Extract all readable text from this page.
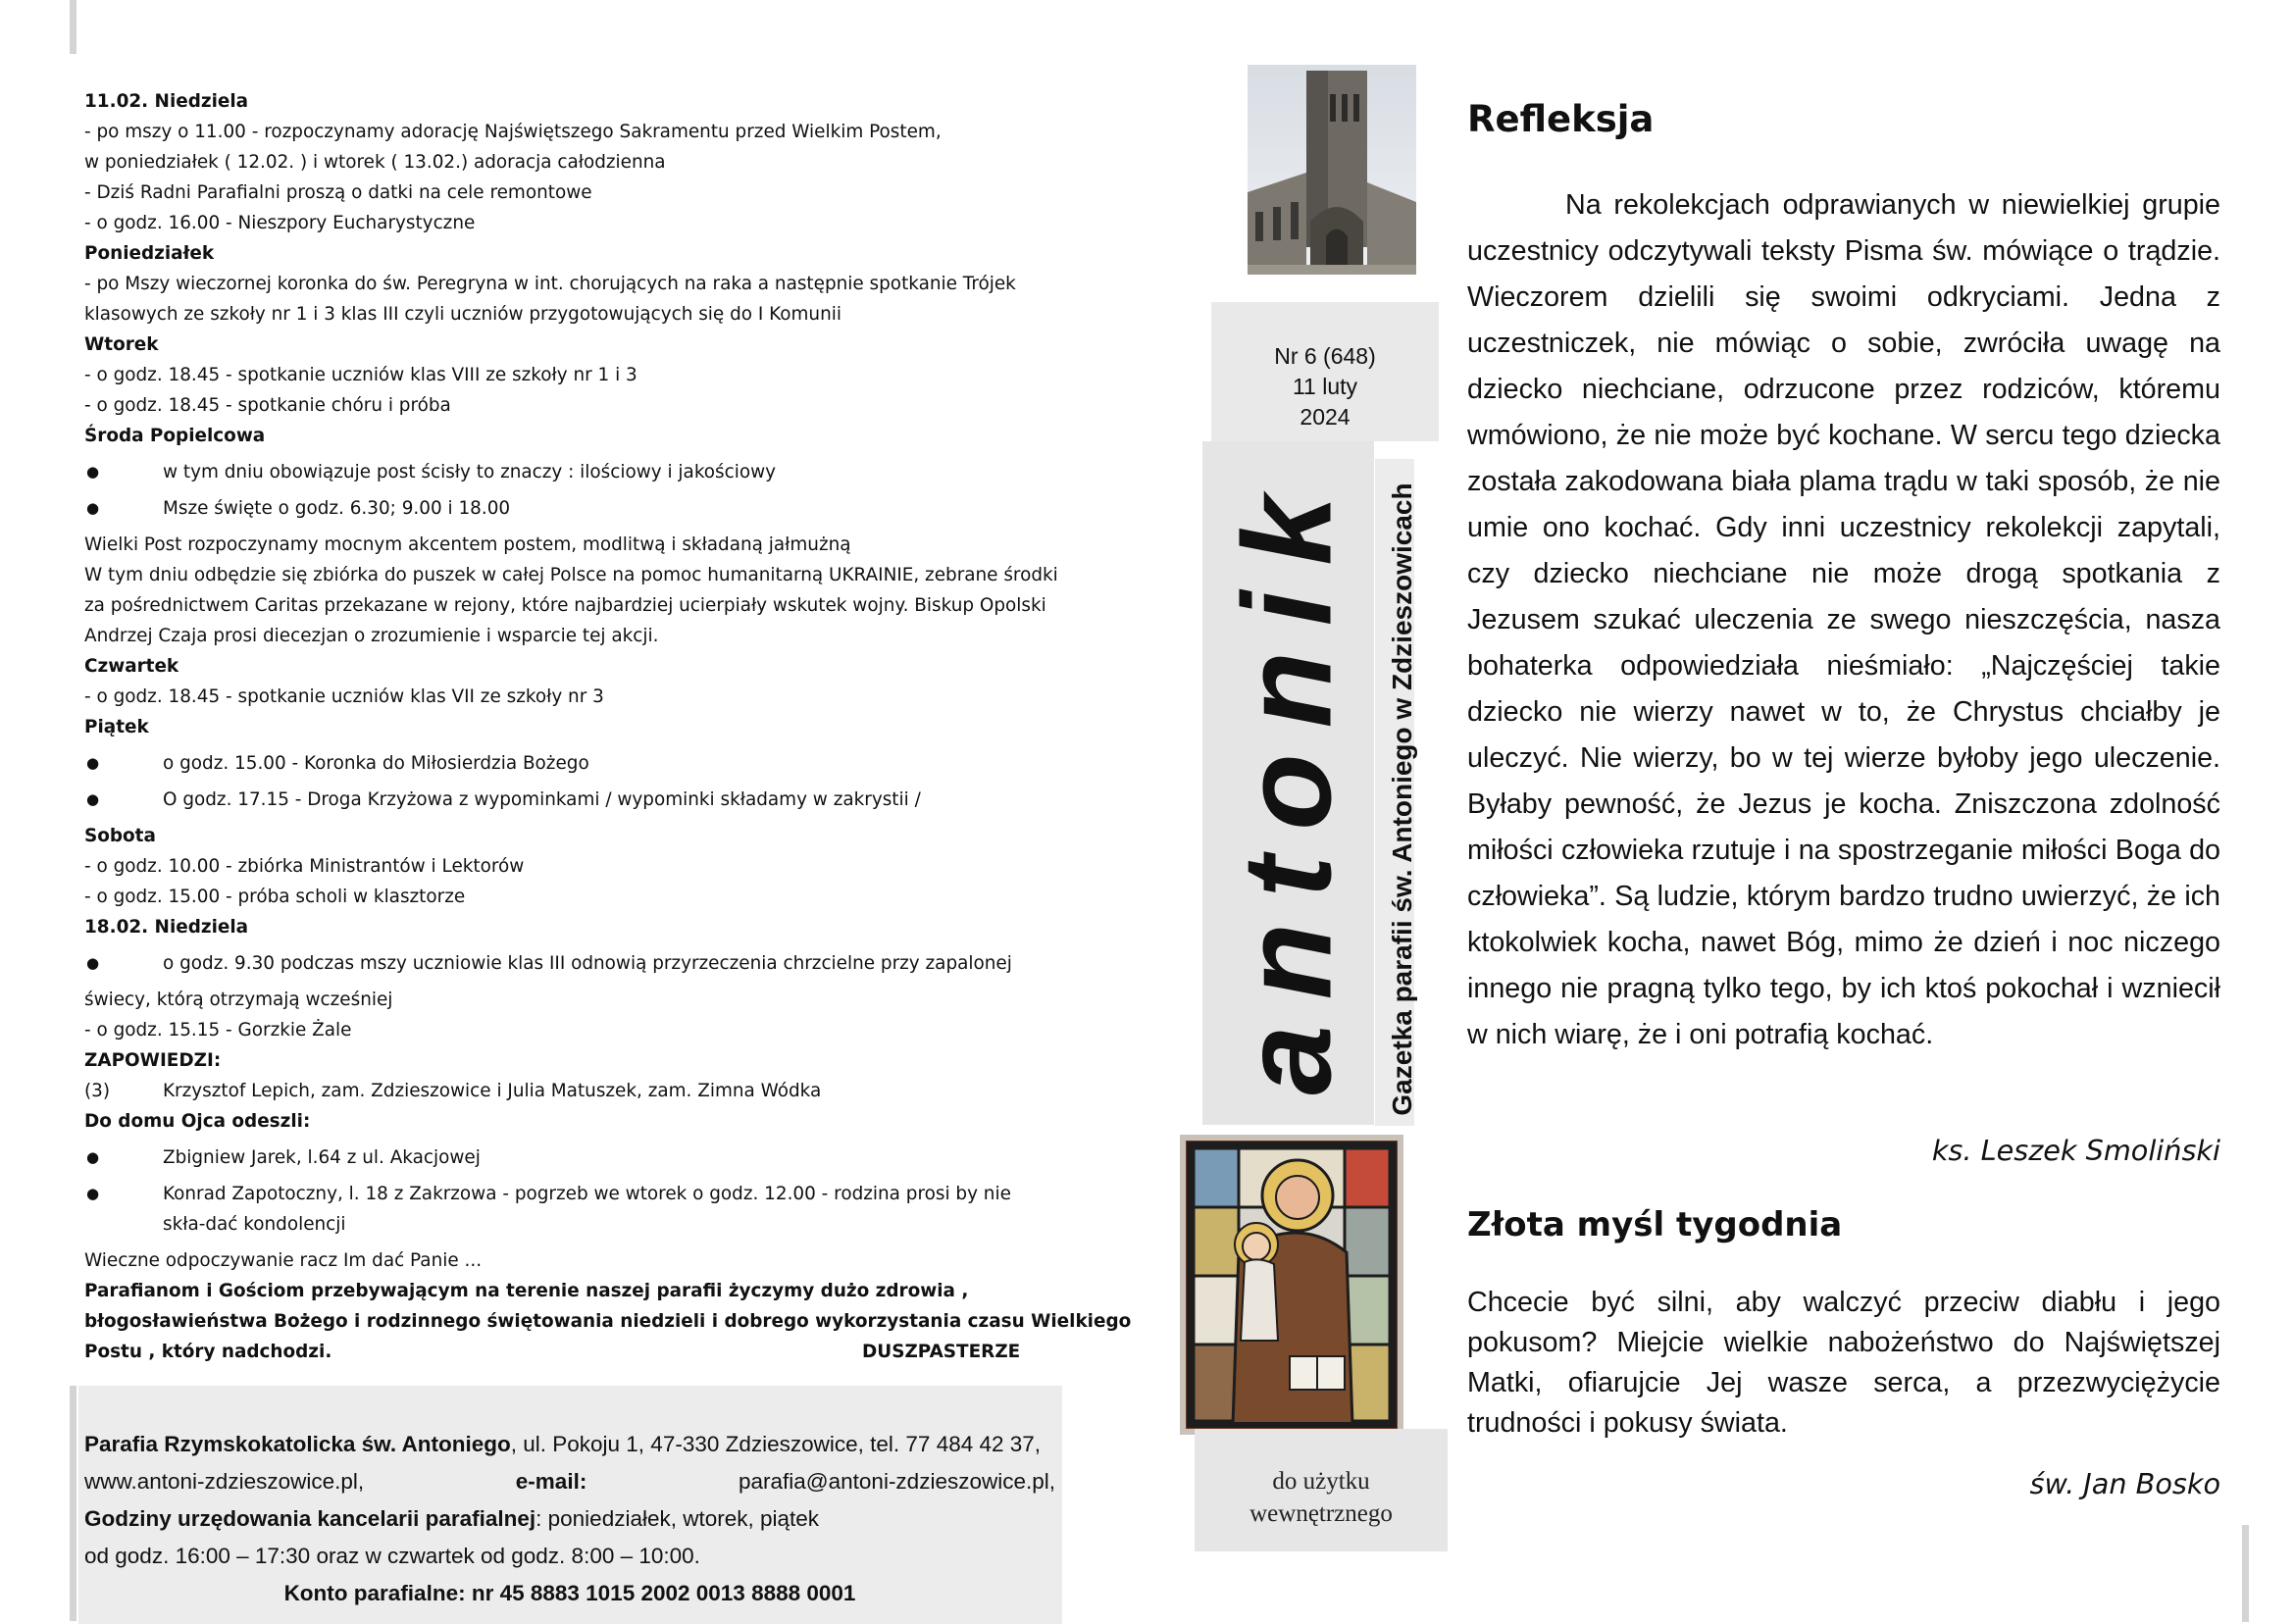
11.02. Niedziela
- po mszy o 11.00 - rozpoczynamy adorację Najświętszego Sakramentu przed Wielkim Postem,
w poniedziałek ( 12.02. ) i wtorek ( 13.02.) adoracja całodzienna
- Dziś Radni Parafialni proszą o datki na cele remontowe
- o godz. 16.00 - Nieszpory Eucharystyczne
Poniedziałek
- po Mszy wieczornej koronka do św. Peregryna w int. chorujących na raka a następnie spotkanie Trójek
klasowych ze szkoły nr 1 i 3 klas III czyli uczniów przygotowujących się do I Komunii
Wtorek
- o godz. 18.45 - spotkanie uczniów klas VIII ze szkoły nr 1 i 3
- o godz. 18.45 - spotkanie chóru i próba
Środa Popielcowa
● w tym dniu obowiązuje post ścisły to znaczy : ilościowy i jakościowy
● Msze święte o godz. 6.30; 9.00 i 18.00
Wielki Post rozpoczynamy mocnym akcentem postem, modlitwą i składaną jałmużną
W tym dniu odbędzie się zbiórka do puszek w całej Polsce na pomoc humanitarną UKRAINIE, zebrane środki
za pośrednictwem Caritas przekazane w rejony, które najbardziej ucierpiały wskutek wojny. Biskup Opolski
Andrzej Czaja prosi diecezjan o zrozumienie i wsparcie tej akcji.
Czwartek
- o godz. 18.45 - spotkanie uczniów klas VII ze szkoły nr 3
Piątek
● o godz. 15.00 - Koronka do Miłosierdzia Bożego
● O godz. 17.15 - Droga Krzyżowa z wypominkami / wypominki składamy w zakrystii /
Sobota
- o godz. 10.00 - zbiórka Ministrantów i Lektorów
- o godz. 15.00 - próba scholi w klasztorze
18.02. Niedziela
● o godz. 9.30 podczas mszy uczniowie klas III odnowią przyrzeczenia chrzcielne przy zapalonej
świecy, którą otrzymają wcześniej
- o godz. 15.15 - Gorzkie Żale
ZAPOWIEDZI:
(3)	Krzysztof Lepich, zam. Zdzieszowice i Julia Matuszek, zam. Zimna Wódka
Do domu Ojca odeszli:
● Zbigniew Jarek, l.64 z ul. Akacjowej
● Konrad Zapotoczny, l. 18 z Zakrzowa - pogrzeb we wtorek o godz. 12.00 - rodzina prosi by nie skła-dać kondolencji
Wieczne odpoczywanie racz Im dać Panie ...
Parafianom i Gościom przebywającym na terenie naszej parafii życzymy dużo zdrowia ,
błogosławieństwa Bożego i rodzinnego świętowania niedzieli i dobrego wykorzystania czasu Wielkiego
Postu , który nadchodzi.	DUSZPASTERZE
Parafia Rzymskokatolicka św. Antoniego, ul. Pokoju 1, 47-330 Zdzieszowice, tel. 77 484 42 37,
www.antoni-zdzieszowice.pl,	e-mail:	parafia@antoni-zdzieszowice.pl,
Godziny urzędowania kancelarii parafialnej: poniedziałek, wtorek, piątek
od godz. 16:00 – 17:30 oraz w czwartek od godz. 8:00 – 10:00.
Konto parafialne: nr 45 8883 1015 2002 0013 8888 0001
Nr 6 (648)
11 luty
2024
antonik Gazetka parafii św. Antoniego w Zdzieszowicach
do użytku
wewnętrznego
Refleksja

Na rekolekcjach odprawianych w niewielkiej grupie uczestnicy odczytywali teksty Pisma św. mówiące o trądzie. Wieczorem dzielili się swoimi odkryciami. Jedna z uczestniczek, nie mówiąc o sobie, zwróciła uwagę na dziecko niechciane, odrzucone przez rodziców, któremu wmówiono, że nie może być kochane. W sercu tego dziecka została zakodowana biała plama trądu w taki sposób, że nie umie ono kochać. Gdy inni uczestnicy rekolekcji zapytali, czy dziecko niechciane nie może drogą spotkania z Jezusem szukać uleczenia ze swego nieszczęścia, nasza bohaterka odpowiedziała nieśmiało: „Najczęściej takie dziecko nie wierzy nawet w to, że Chrystus chciałby je uleczyć. Nie wierzy, bo w tej wierze byłoby jego uleczenie. Byłaby pewność, że Jezus je kocha. Zniszczona zdolność miłości człowieka rzutuje i na spostrzeganie miłości Boga do człowieka”. Są ludzie, którym bardzo trudno uwierzyć, że ich ktokolwiek kocha, nawet Bóg, mimo że dzień i noc niczego innego nie pragną tylko tego, by ich ktoś pokochał i wzniecił w nich wiarę, że i oni potrafią kochać.

ks. Leszek Smoliński
Złota myśl tygodnia

Chcecie być silni, aby walczyć przeciw diabłu i jego pokusom? Miejcie wielkie nabożeństwo do Najświętszej Matki, ofiarujcie Jej wasze serca, a przezwyciężycie trudności i pokusy świata.

św. Jan Bosko
